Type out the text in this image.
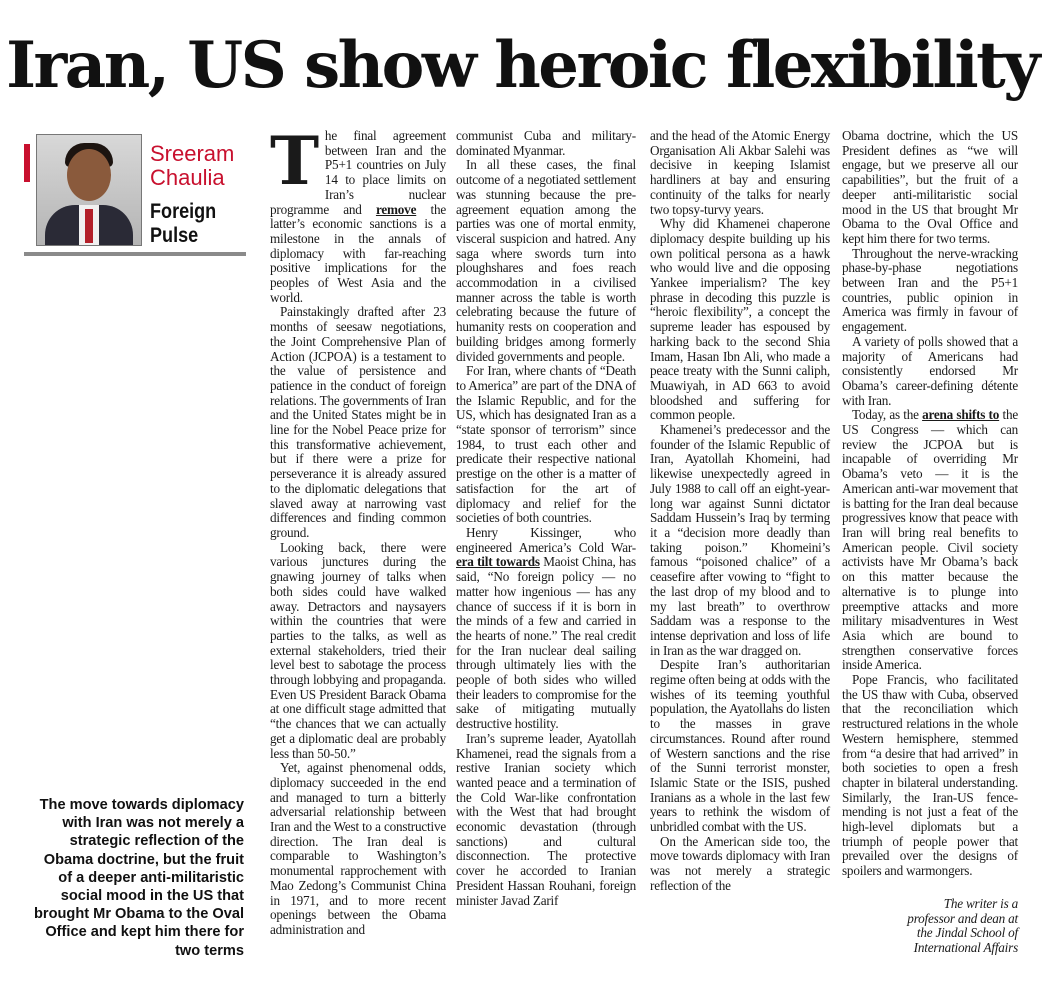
Iran, US show heroic flexibility
Sreeram
Chaulia
Foreign
Pulse

The move towards diplomacy with Iran was not merely a strategic reflection of the Obama doctrine, but the fruit of a deeper anti-militaristic social mood in the US that brought Mr Obama to the Oval Office and kept him there for two terms

The final agreement between Iran and the P5+1 countries on July 14 to place limits on Iran’s nuclear programme and remove the latter’s economic sanctions is a milestone in the annals of diplomacy with far-reaching positive implications for the peoples of West Asia and the world.

Painstakingly drafted after 23 months of seesaw negotiations, the Joint Comprehensive Plan of Action (JCPOA) is a testament to the value of persistence and patience in the conduct of foreign relations. The governments of Iran and the United States might be in line for the Nobel Peace prize for this transformative achievement, but if there were a prize for perseverance it is already assured to the diplomatic delegations that slaved away at narrowing vast differences and finding common ground.

Looking back, there were various junctures during the gnawing journey of talks when both sides could have walked away. Detractors and naysayers within the countries that were parties to the talks, as well as external stakeholders, tried their level best to sabotage the process through lobbying and propaganda. Even US President Barack Obama at one difficult stage admitted that “the chances that we can actually get a diplomatic deal are probably less than 50-50.”

Yet, against phenomenal odds, diplomacy succeeded in the end and managed to turn a bitterly adversarial relationship between Iran and the West to a constructive direction. The Iran deal is comparable to Washington’s monumental rapprochement with Mao Zedong’s Communist China in 1971, and to more recent openings between the Obama administration and

communist Cuba and military-dominated Myanmar.

In all these cases, the final outcome of a negotiated settlement was stunning because the pre-agreement equation among the parties was one of mortal enmity, visceral suspicion and hatred. Any saga where swords turn into ploughshares and foes reach accommodation in a civilised manner across the table is worth celebrating because the future of humanity rests on cooperation and building bridges among formerly divided governments and people.

For Iran, where chants of “Death to America” are part of the DNA of the Islamic Republic, and for the US, which has designated Iran as a “state sponsor of terrorism” since 1984, to trust each other and predicate their respective national prestige on the other is a matter of satisfaction for the art of diplomacy and relief for the societies of both countries.

Henry Kissinger, who engineered America’s Cold War-era tilt towards Maoist China, has said, “No foreign policy — no matter how ingenious — has any chance of success if it is born in the minds of a few and carried in the hearts of none.” The real credit for the Iran nuclear deal sailing through ultimately lies with the people of both sides who willed their leaders to compromise for the sake of mitigating mutually destructive hostility.

Iran’s supreme leader, Ayatollah Khamenei, read the signals from a restive Iranian society which wanted peace and a termination of the Cold War-like confrontation with the West that had brought economic devastation (through sanctions) and cultural disconnection. The protective cover he accorded to Iranian President Hassan Rouhani, foreign minister Javad Zarif

and the head of the Atomic Energy Organisation Ali Akbar Salehi was decisive in keeping Islamist hardliners at bay and ensuring continuity of the talks for nearly two topsy-turvy years.

Why did Khamenei chaperone diplomacy despite building up his own political persona as a hawk who would live and die opposing Yankee imperialism? The key phrase in decoding this puzzle is “heroic flexibility”, a concept the supreme leader has espoused by harking back to the second Shia Imam, Hasan Ibn Ali, who made a peace treaty with the Sunni caliph, Muawiyah, in AD 663 to avoid bloodshed and suffering for common people.

Khamenei’s predecessor and the founder of the Islamic Republic of Iran, Ayatollah Khomeini, had likewise unexpectedly agreed in July 1988 to call off an eight-year-long war against Sunni dictator Saddam Hussein’s Iraq by terming it a “decision more deadly than taking poison.” Khomeini’s famous “poisoned chalice” of a ceasefire after vowing to “fight to the last drop of my blood and to my last breath” to overthrow Saddam was a response to the intense deprivation and loss of life in Iran as the war dragged on.

Despite Iran’s authoritarian regime often being at odds with the wishes of its teeming youthful population, the Ayatollahs do listen to the masses in grave circumstances. Round after round of Western sanctions and the rise of the Sunni terrorist monster, Islamic State or the ISIS, pushed Iranians as a whole in the last few years to rethink the wisdom of unbridled combat with the US.

On the American side too, the move towards diplomacy with Iran was not merely a strategic reflection of the

Obama doctrine, which the US President defines as “we will engage, but we preserve all our capabilities”, but the fruit of a deeper anti-militaristic social mood in the US that brought Mr Obama to the Oval Office and kept him there for two terms.

Throughout the nerve-wracking phase-by-phase negotiations between Iran and the P5+1 countries, public opinion in America was firmly in favour of engagement.

A variety of polls showed that a majority of Americans had consistently endorsed Mr Obama’s career-defining détente with Iran.

Today, as the arena shifts to the US Congress — which can review the JCPOA but is incapable of overriding Mr Obama’s veto — it is the American anti-war movement that is batting for the Iran deal because progressives know that peace with Iran will bring real benefits to American people. Civil society activists have Mr Obama’s back on this matter because the alternative is to plunge into preemptive attacks and more military misadventures in West Asia which are bound to strengthen conservative forces inside America.

Pope Francis, who facilitated the US thaw with Cuba, observed that the reconciliation which restructured relations in the whole Western hemisphere, stemmed from “a desire that had arrived” in both societies to open a fresh chapter in bilateral understanding. Similarly, the Iran-US fence-mending is not just a feat of the high-level diplomats but a triumph of people power that prevailed over the designs of spoilers and warmongers.

The writer is a
professor and dean at
the Jindal School of
International Affairs
